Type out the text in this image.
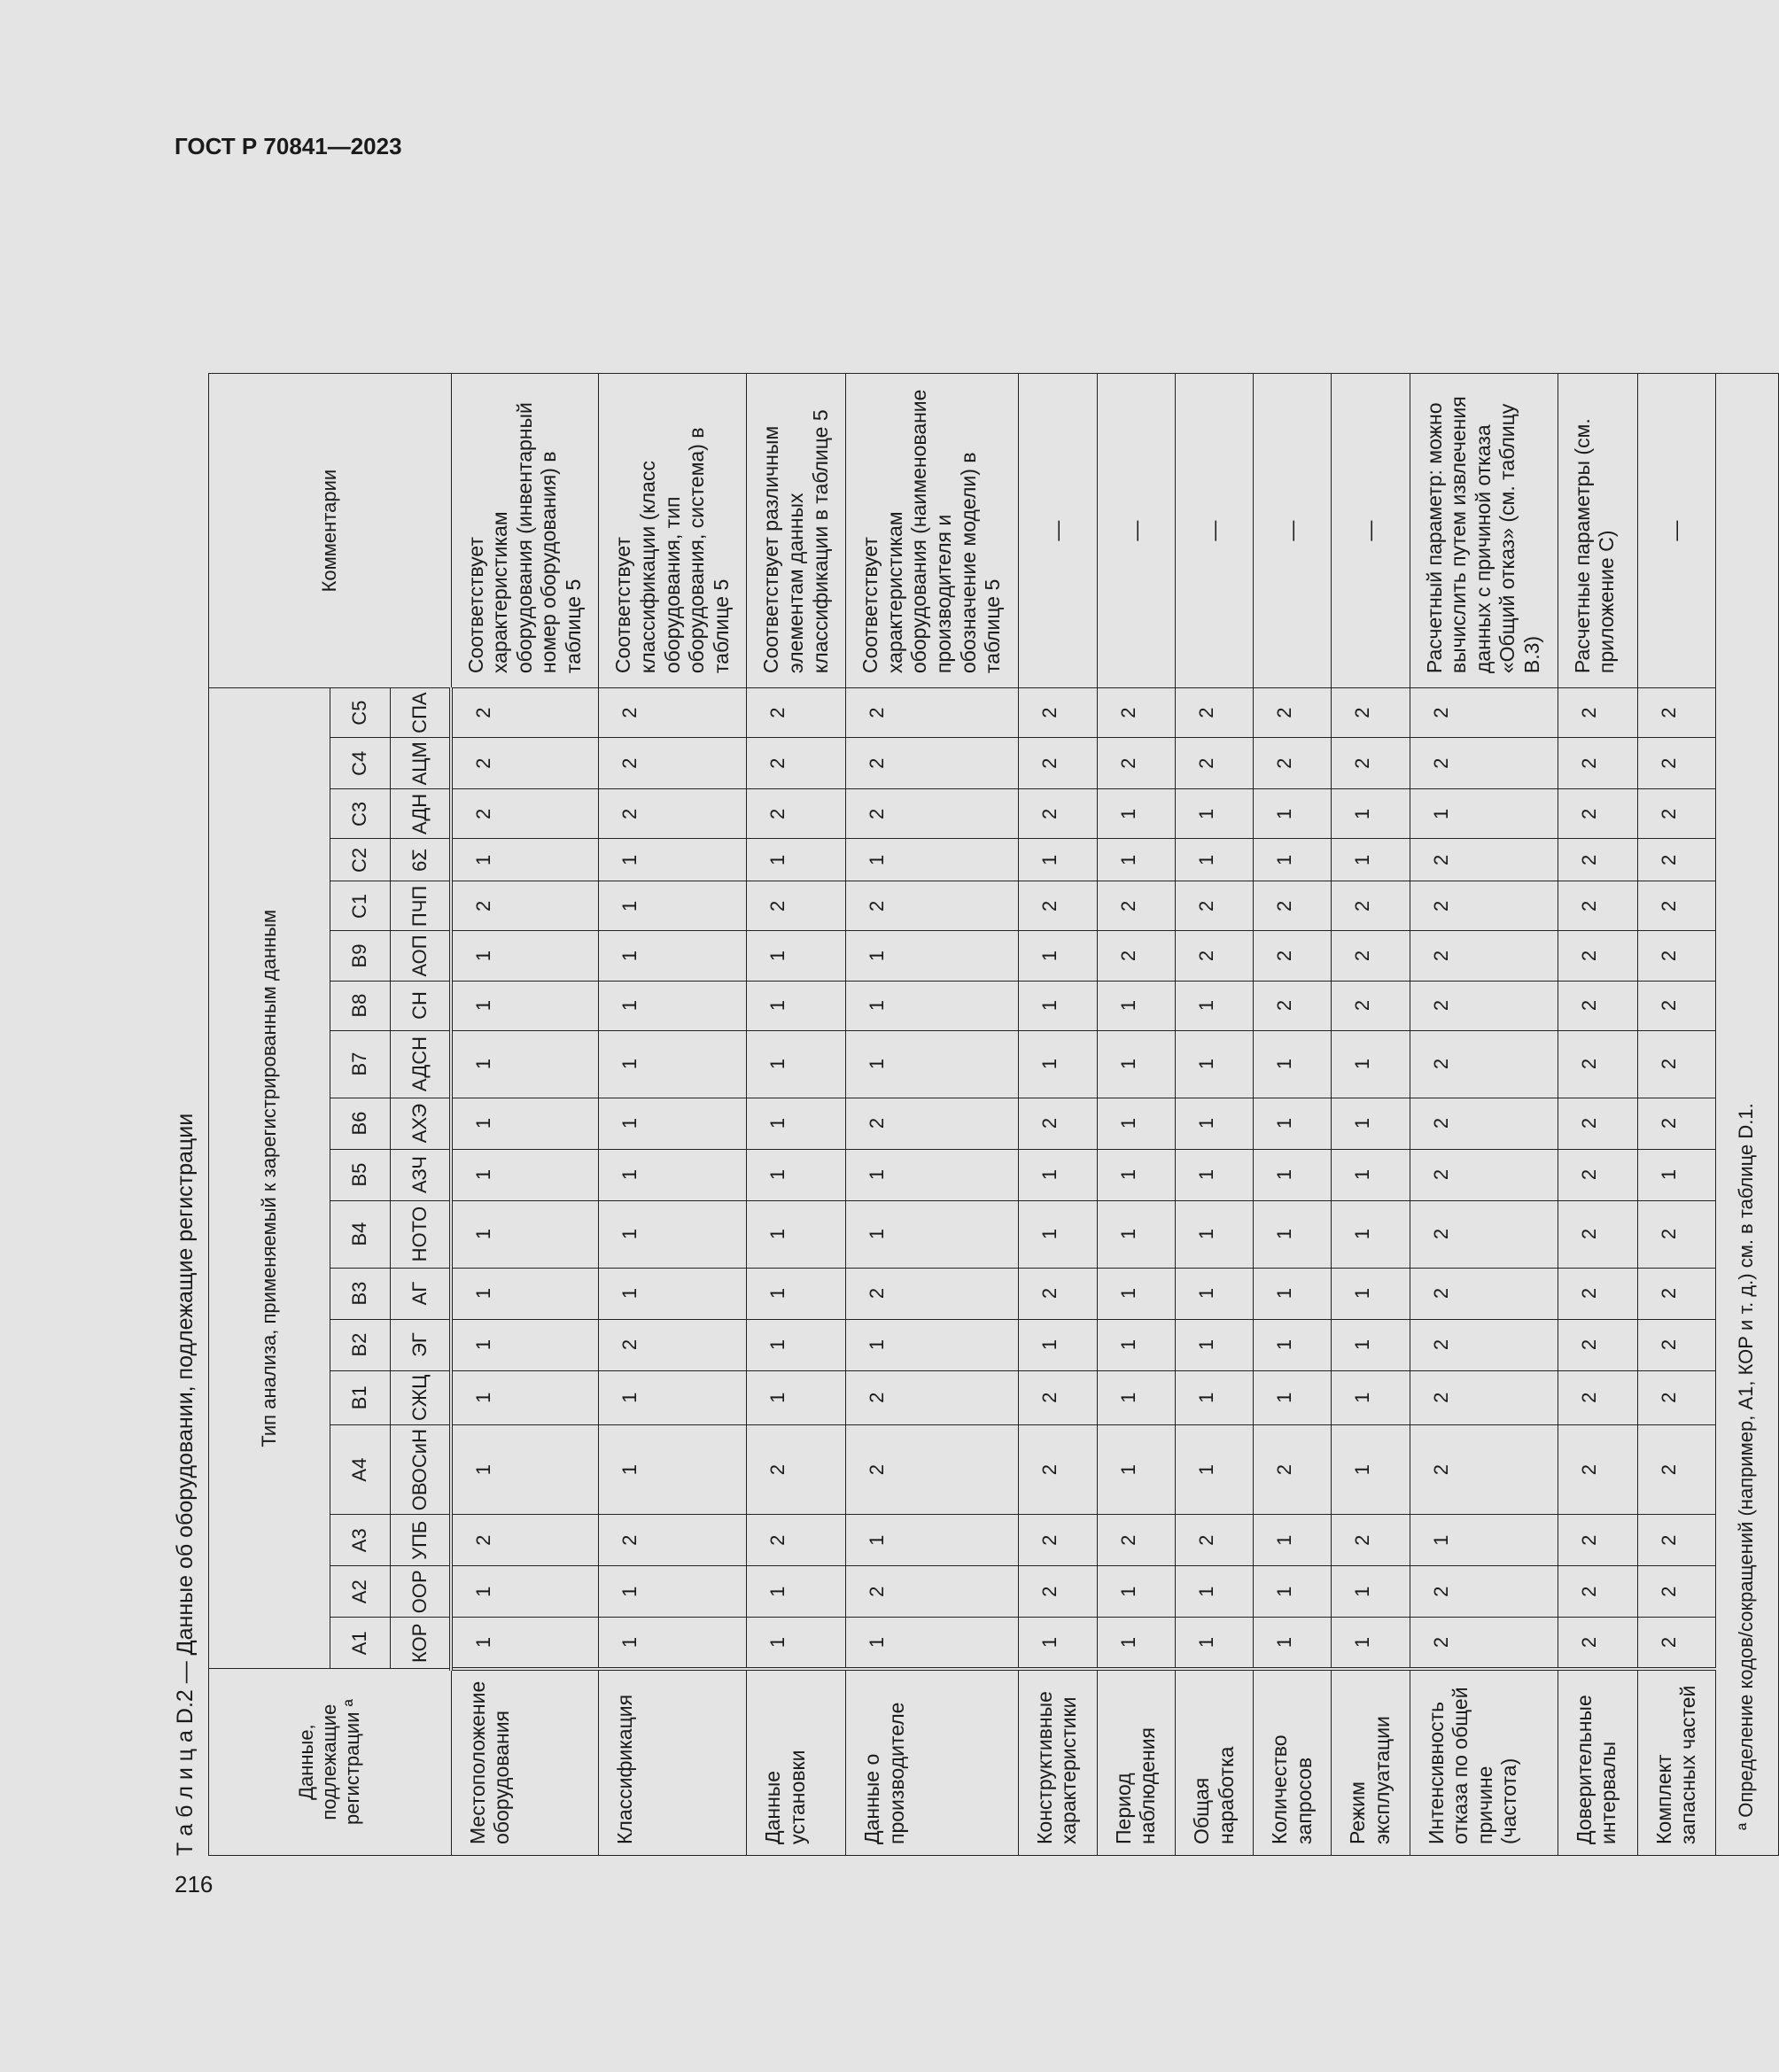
ГОСТ Р 70841—2023
216
Т а б л и ц а D.2 — Данные об оборудовании, подлежащие регистрации	Данные, подлежащие регистрации ª	Тип анализа, применяемый к зарегистрированным данным																		Комментарии
	A1	A2	A3	A4	B1	B2	B3	B4	B5	B6	B7	B8	B9	C1	C2	C3	C4	C5	
	КОР	ООР	УПБ	ОВОСиН	СЖЦ	ЭГ	АГ	НОТО	АЗЧ	АХЭ	АДСН	СН	АОП	ПЧП	6Σ	АДН	АЦМ	СПА	
Местоположение оборудования	1	1	2	1	1	1	1	1	1	1	1	1	1	2	1	2	2	2	Соответствует характеристикам оборудования (инвентарный номер оборудования) в таблице 5
Классификация	1	1	2	1	1	2	1	1	1	1	1	1	1	1	1	2	2	2	Соответствует классификации (класс оборудования, тип оборудования, система) в таблице 5
Данные установки	1	1	2	2	1	1	1	1	1	1	1	1	1	2	1	2	2	2	Соответствует различным элементам данных классификации в таблице 5
Данные о производителе	1	2	1	2	2	1	2	1	1	2	1	1	1	2	1	2	2	2	Соответствует характеристикам оборудования (наименование производителя и обозначение модели) в таблице 5
Конструктивные характеристики	1	2	2	2	2	1	2	1	1	2	1	1	1	2	1	2	2	2	—
Период наблюдения	1	1	2	1	1	1	1	1	1	1	1	1	2	2	1	1	2	2	—
Общая наработка	1	1	2	1	1	1	1	1	1	1	1	1	2	2	1	1	2	2	—
Количество запросов	1	1	1	2	1	1	1	1	1	1	1	2	2	2	1	1	2	2	—
Режим эксплуатации	1	1	2	1	1	1	1	1	1	1	1	2	2	2	1	1	2	2	—
Интенсивность отказа по общей причине (частота)	2	2	1	2	2	2	2	2	2	2	2	2	2	2	2	1	2	2	Расчетный параметр: можно вычислить путем извлечения данных с причиной отказа «Общий отказ» (см. таблицу В.3)
Доверительные интервалы	2	2	2	2	2	2	2	2	2	2	2	2	2	2	2	2	2	2	Расчетные параметры (см. приложение С)
Комплект запасных частей	2	2	2	2	2	2	2	2	1	2	2	2	2	2	2	2	2	2	—
ª Определение кодов/сокращений (например, А1, КОР и т. д.) см. в таблице D.1.																			
